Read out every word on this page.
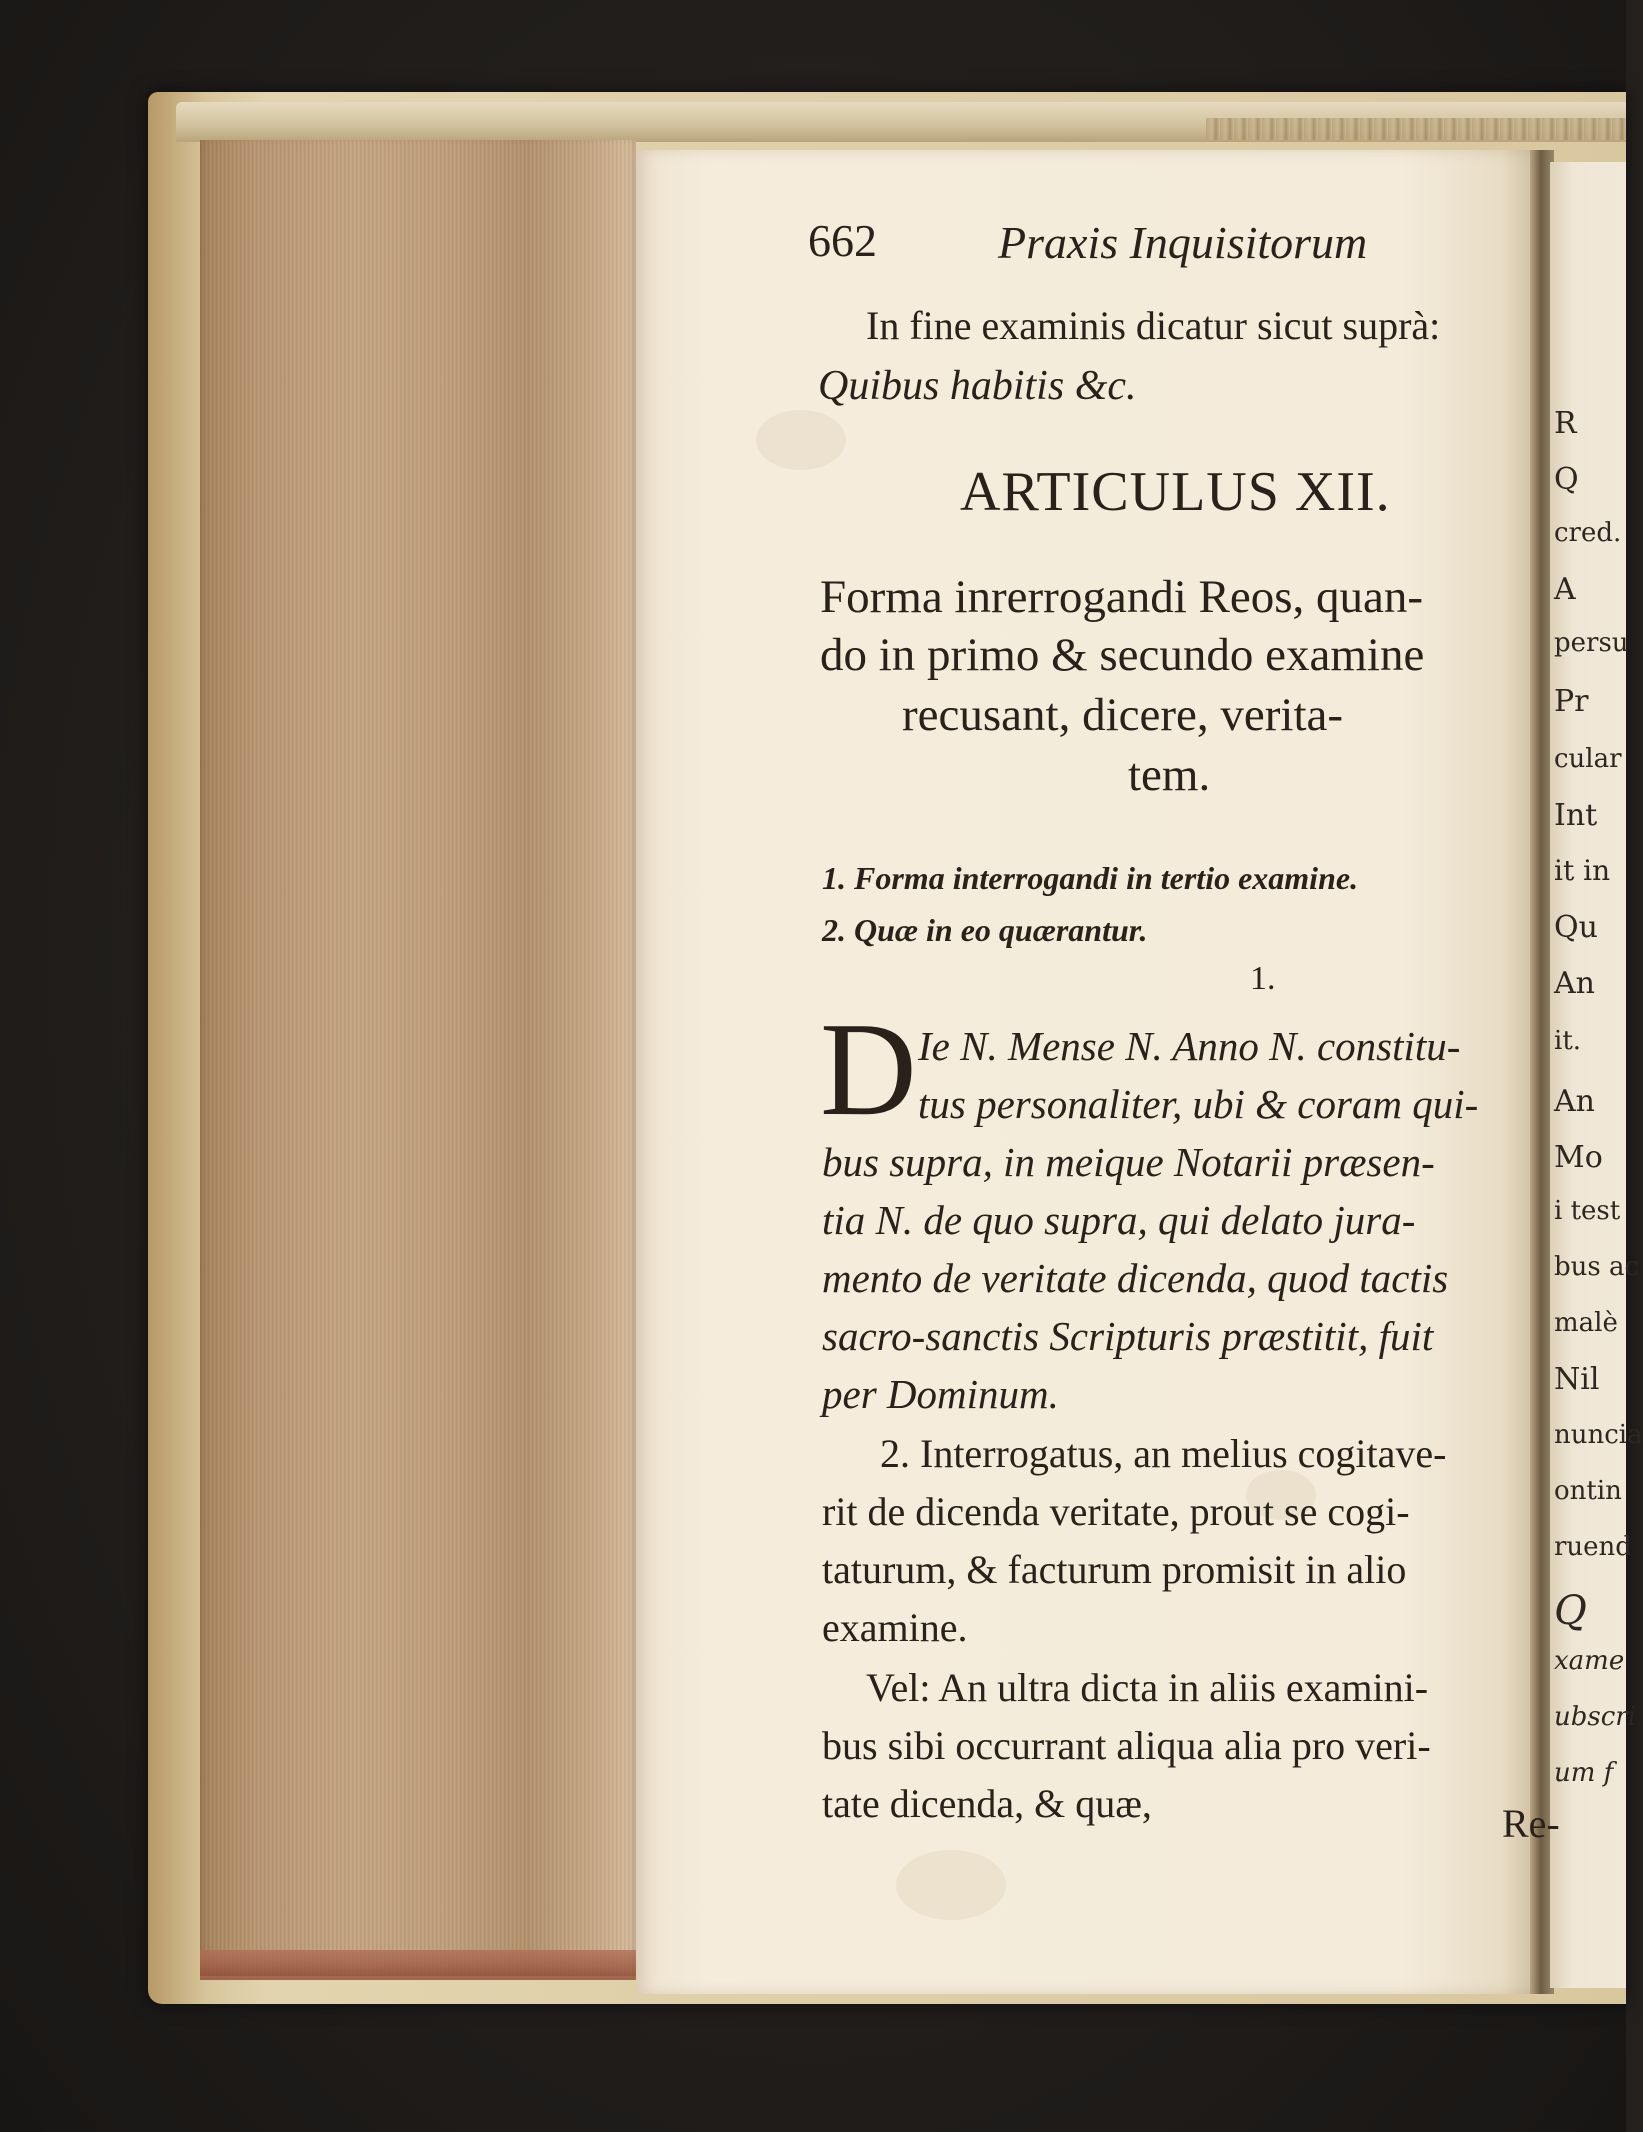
R
Q
cred.
A
persu
Pr
cular
Int
it in
Qu
An
it.
An
Mo
i test
bus ac
malè
Nil
nuncia
ontin
ruend
Q
xame
ubscri
um f
662	Praxis Inquisitorum
In fine examinis dicatur sicut suprà:
Quibus habitis &c.
ARTICULUS XII.
Forma inrerrogandi Reos, quan-
do in primo & secundo examine
recusant, dicere, verita-
tem.
1. Forma interrogandi in tertio examine.
2. Quæ in eo quærantur.
1.
D Ie N. Mense N. Anno N. constitu-
tus personaliter, ubi & coram qui-
bus supra, in meique Notarii præsen-
tia N. de quo supra, qui delato jura-
mento de veritate dicenda, quod tactis
sacro-sanctis Scripturis præstitit, fuit
per Dominum.
2. Interrogatus, an melius cogitave-
rit de dicenda veritate, prout se cogi-
taturum, & facturum promisit in alio
examine.
Vel: An ultra dicta in aliis examini-
bus sibi occurrant aliqua alia pro veri-
tate dicenda, & quæ,	Re-
